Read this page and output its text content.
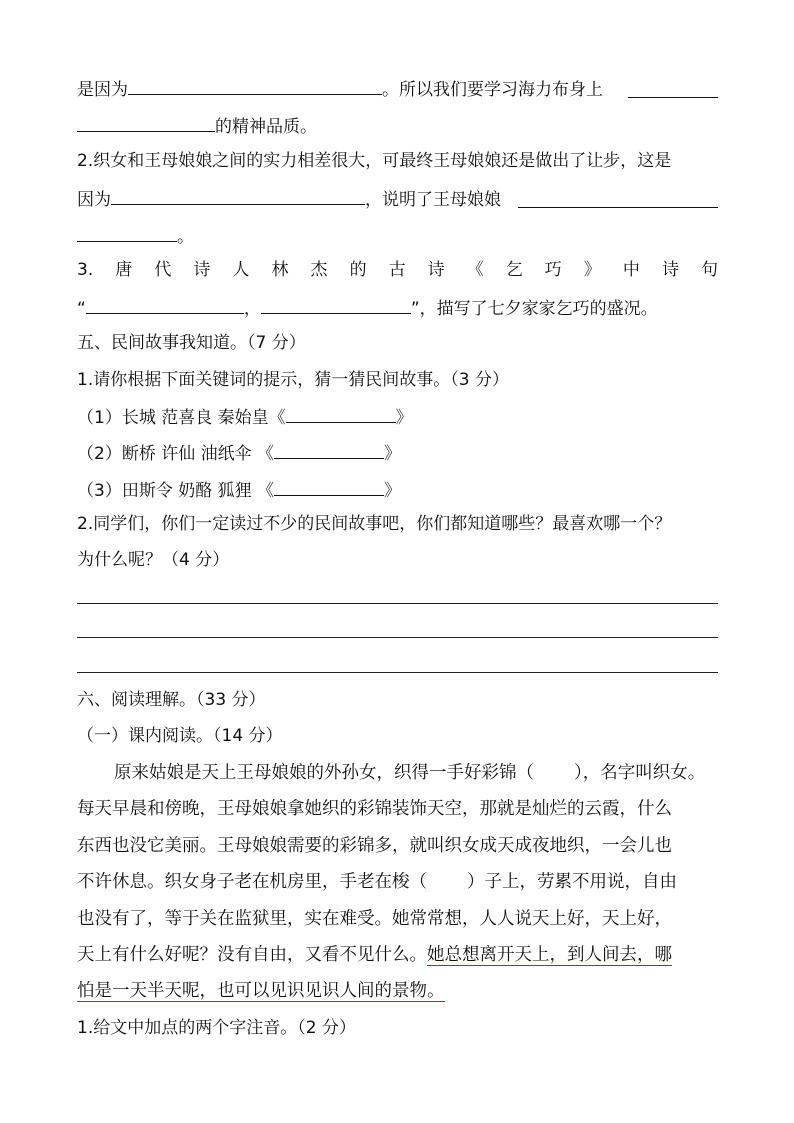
是因为	。所以我们要学习海力布身上
的精神品质。
2.织女和王母娘娘之间的实力相差很大，可最终王母娘娘还是做出了让步，这是
因为	，说明了王母娘娘
。
3. 唐 代 诗 人 林 杰 的 古 诗 《 乞 巧 》 中 诗 句
“	，	”，描写了七夕家家乞巧的盛况。
五、民间故事我知道。（7 分）
1.请你根据下面关键词的提示，猜一猜民间故事。（3 分）
（1）长城 范喜良 秦始皇《	》
（2）断桥 许仙 油纸伞 《	》
（3）田斯令 奶酪 狐狸 《	》
2.同学们，你们一定读过不少的民间故事吧，你们都知道哪些？最喜欢哪一个？
为什么呢？（4 分）
六、阅读理解。（33 分）
（一）课内阅读。（14 分）
原来姑娘是天上王母娘娘的外孙女，织得一手好彩锦（ ），名字叫织女。
每天早晨和傍晚，王母娘娘拿她织的彩锦装饰天空，那就是灿烂的云霞，什么
东西也没它美丽。王母娘娘需要的彩锦多，就叫织女成天成夜地织，一会儿也
不许休息。织女身子老在机房里，手老在梭（ ）子上，劳累不用说，自由
也没有了，等于关在监狱里，实在难受。她常常想，人人说天上好，天上好，
天上有什么好呢？没有自由，又看不见什么。她总想离开天上，到人间去，哪
怕是一天半天呢，也可以见识见识人间的景物。
1.给文中加点的两个字注音。（2 分）
